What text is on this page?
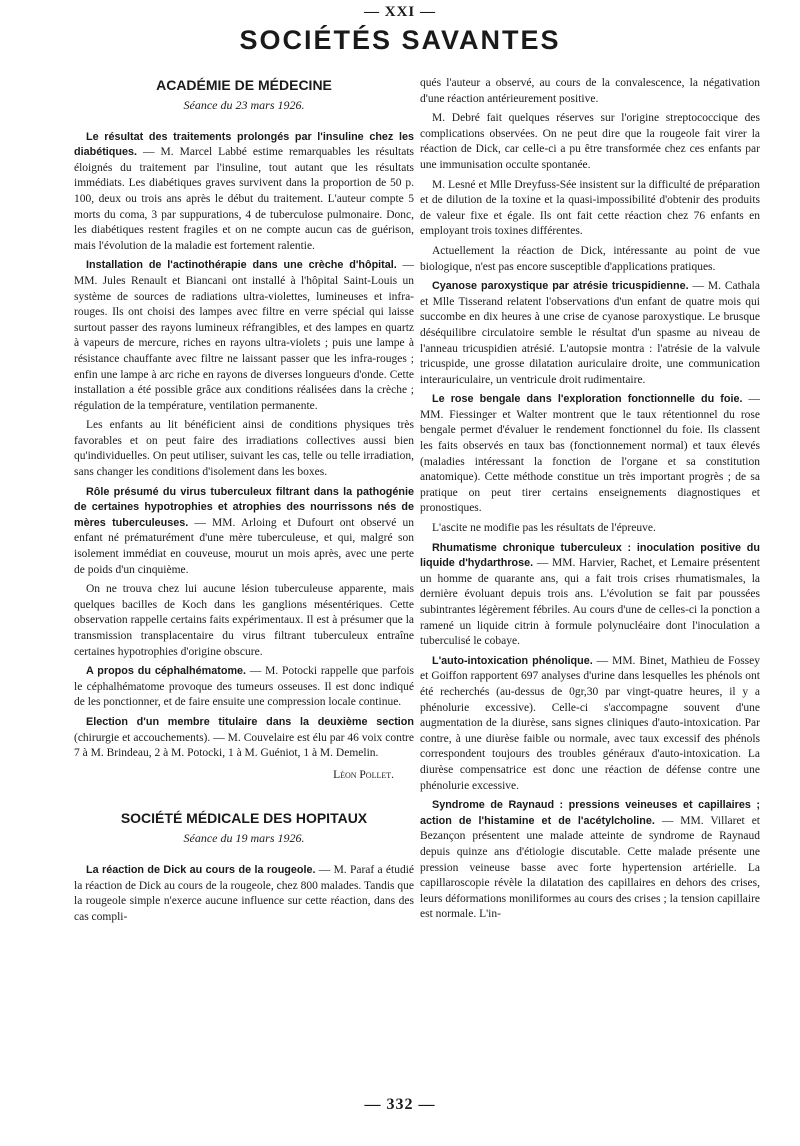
— XXI —
SOCIÉTÉS SAVANTES
ACADÉMIE DE MÉDECINE
Séance du 23 mars 1926.

Le résultat des traitements prolongés par l'insuline chez les diabétiques. — M. Marcel Labbé estime remarquables les résultats éloignés du traitement par l'insuline, tout autant que les résultats immédiats. Les diabétiques graves survivent dans la proportion de 50 p. 100, deux ou trois ans après le début du traitement. L'auteur compte 5 morts du coma, 3 par suppurations, 4 de tuberculose pulmonaire. Donc, les diabétiques restent fragiles et on ne compte aucun cas de guérison, mais l'évolution de la maladie est fortement ralentie.

Installation de l'actinothérapie dans une crèche d'hôpital. — MM. Jules Renault et Biancani ont installé à l'hôpital Saint-Louis un système de sources de radiations ultra-violettes, lumineuses et infra-rouges. Ils ont choisi des lampes avec filtre en verre spécial qui laisse surtout passer des rayons lumineux réfrangibles, et des lampes en quartz à vapeurs de mercure, riches en rayons ultra-violets ; puis une lampe à résistance chauffante avec filtre ne laissant passer que les infra-rouges ; enfin une lampe à arc riche en rayons de diverses longueurs d'onde. Cette installation a été possible grâce aux conditions réalisées dans la crèche ; régulation de la température, ventilation permanente.

Les enfants au lit bénéficient ainsi de conditions physiques très favorables et on peut faire des irradiations collectives aussi bien qu'individuelles. On peut utiliser, suivant les cas, telle ou telle irradiation, sans changer les conditions d'isolement dans les boxes.

Rôle présumé du virus tuberculeux filtrant dans la pathogénie de certaines hypotrophies et atrophies des nourrissons nés de mères tuberculeuses. — MM. Arloing et Dufourt ont observé un enfant né prématurément d'une mère tuberculeuse, et qui, malgré son isolement immédiat en couveuse, mourut un mois après, avec une perte de poids d'un cinquième.

On ne trouva chez lui aucune lésion tuberculeuse apparente, mais quelques bacilles de Koch dans les ganglions mésentériques. Cette observation rappelle certains faits expérimentaux. Il est à présumer que la transmission transplacentaire du virus filtrant tuberculeux entraîne certaines hypotrophies d'origine obscure.

A propos du céphalhématome. — M. Potocki rappelle que parfois le céphalhématome provoque des tumeurs osseuses. Il est donc indiqué de les ponctionner, et de faire ensuite une compression locale continue.

Election d'un membre titulaire dans la deuxième section (chirurgie et accouchements). — M. Couvelaire est élu par 46 voix contre 7 à M. Brindeau, 2 à M. Potocki, 1 à M. Guéniot, 1 à M. Demelin.

Léon Pollet.
SOCIÉTÉ MÉDICALE DES HOPITAUX
Séance du 19 mars 1926.

La réaction de Dick au cours de la rougeole. — M. Paraf a étudié la réaction de Dick au cours de la rougeole, chez 800 malades. Tandis que la rougeole simple n'exerce aucune influence sur cette réaction, dans des cas compli-

qués l'auteur a observé, au cours de la convalescence, la négativation d'une réaction antérieurement positive.

M. Debré fait quelques réserves sur l'origine streptococcique des complications observées. On ne peut dire que la rougeole fait virer la réaction de Dick, car celle-ci a pu être transformée chez ces enfants par une immunisation occulte spontanée.

M. Lesné et Mlle Dreyfuss-Sée insistent sur la difficulté de préparation et de dilution de la toxine et la quasi-impossibilité d'obtenir des produits de valeur fixe et égale. Ils ont fait cette réaction chez 76 enfants en employant trois toxines différentes.

Actuellement la réaction de Dick, intéressante au point de vue biologique, n'est pas encore susceptible d'applications pratiques.

Cyanose paroxystique par atrésie tricuspidienne. — M. Cathala et Mlle Tisserand relatent l'observations d'un enfant de quatre mois qui succombe en dix heures à une crise de cyanose paroxystique. Le brusque déséquilibre circulatoire semble le résultat d'un spasme au niveau de l'anneau tricuspidien atrésié. L'autopsie montra : l'atrésie de la valvule tricuspide, une grosse dilatation auriculaire droite, une communication interauriculaire, un ventricule droit rudimentaire.

Le rose bengale dans l'exploration fonctionnelle du foie. — MM. Fiessinger et Walter montrent que le taux rétentionnel du rose bengale permet d'évaluer le rendement fonctionnel du foie. Ils classent les faits observés en taux bas (fonctionnement normal) et taux élevés (maladies intéressant la fonction de l'organe et sa constitution anatomique). Cette méthode constitue un très important progrès ; de sa pratique on peut tirer certains enseignements diagnostiques et pronostiques.

L'ascite ne modifie pas les résultats de l'épreuve.

Rhumatisme chronique tuberculeux : inoculation positive du liquide d'hydarthrose. — MM. Harvier, Rachet, et Lemaire présentent un homme de quarante ans, qui a fait trois crises rhumatismales, la dernière évoluant depuis trois ans. L'évolution se fait par poussées subintrantes légèrement fébriles. Au cours d'une de celles-ci la ponction a ramené un liquide citrin à formule polynucléaire dont l'inoculation a tuberculisé le cobaye.

L'auto-intoxication phénolique. — MM. Binet, Mathieu de Fossey et Goiffon rapportent 697 analyses d'urine dans lesquelles les phénols ont été recherchés (au-dessus de 0gr,30 par vingt-quatre heures, il y a phénolurie excessive). Celle-ci s'accompagne souvent d'une augmentation de la diurèse, sans signes cliniques d'auto-intoxication. Par contre, à une diurèse faible ou normale, avec taux excessif des phénols correspondent toujours des troubles généraux d'auto-intoxication. La diurèse compensatrice est donc une réaction de défense contre une phénolurie excessive.

Syndrome de Raynaud : pressions veineuses et capillaires ; action de l'histamine et de l'acétylcholine. — MM. Villaret et Bezançon présentent une malade atteinte de syndrome de Raynaud depuis quinze ans d'étiologie discutable. Cette malade présente une pression veineuse basse avec forte hypertension artérielle. La capillaroscopie révèle la dilatation des capillaires en dehors des crises, leurs déformations moniliformes au cours des crises ; la tension capillaire est normale. L'in-

— 332 —
